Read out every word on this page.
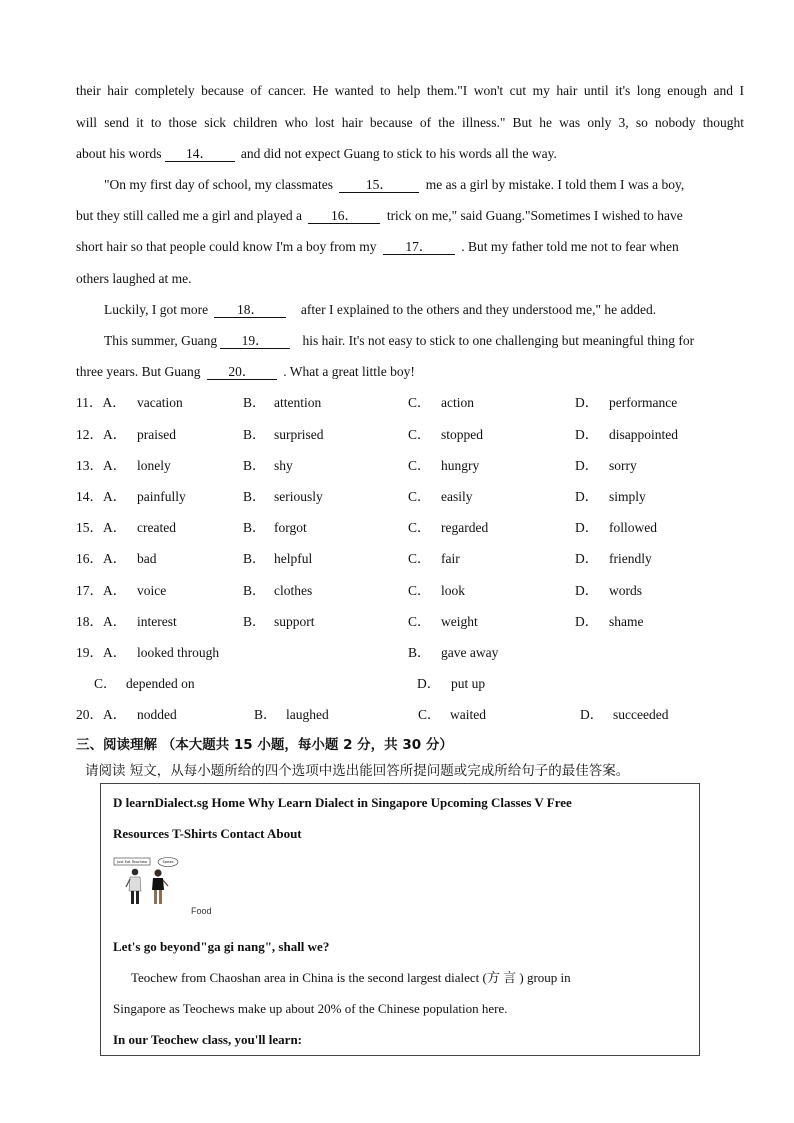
their hair completely because of cancer. He wanted to help them."I won't cut my hair until it's long enough and I
will send it to those sick children who lost hair because of the illness." But he was only 3, so nobody thought
about his words 14． and did not expect Guang to stick to his words all the way.
"On my first day of school, my classmates 15． me as a girl by mistake. I told them I was a boy,
but they still called me a girl and played a 16． trick on me," said Guang."Sometimes I wished to have
short hair so that people could know I'm a boy from my 17． . But my father told me not to fear when
others laughed at me.
Luckily, I got more 18．	after I explained to the others and they understood me," he added.
This summer, Guang 19．	his hair. It's not easy to stick to one challenging but meaningful thing for
three years. But Guang 20． . What a great little boy!
11．A． vacation	B． attention	C． action	D． performance
12．A． praised	B． surprised	C． stopped	D． disappointed
13．A． lonely	B． shy	C． hungry	D． sorry
14．A． painfully	B． seriously	C． easily	D． simply
15．A． created	B． forgot	C． regarded	D． followed
16．A． bad	B． helpful	C． fair	D． friendly
17．A． voice	B． clothes	C． look	D． words
18．A． interest	B． support	C． weight	D． shame
19．A． looked through	B． gave away
C． depended on	D． put up
20．A． nodded	B． laughed	C． waited	D． succeeded
三、阅读理解 （本大题共 15 小题，每小题 2 分，共 30 分）
请阅读 短文，从每小题所给的四个选项中选出能回答所提问题或完成所给句子的最佳答案。
D learnDialect.sg Home Why Learn Dialect in Singapore Upcoming Classes V Free
Resources T-Shirts Contact About
Just Eat Teochew	Speak
Food
Let's go beyond"ga gi nang", shall we?
Teochew from Chaoshan area in China is the second largest dialect (方 言 ) group in
Singapore as Teochews make up about 20% of the Chinese population here.
In our Teochew class, you'll learn:
